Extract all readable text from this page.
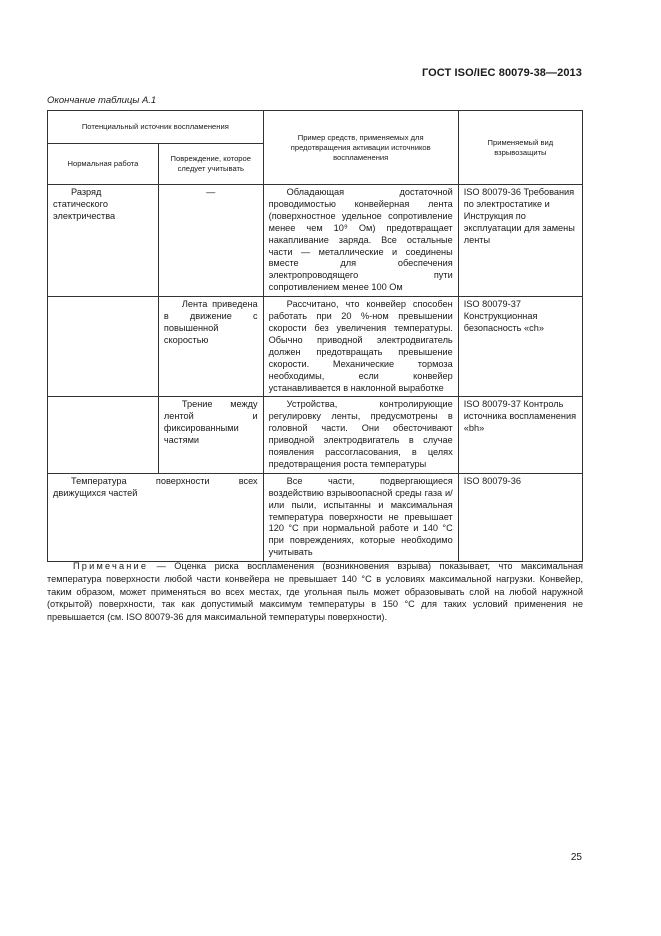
ГОСТ ISO/IEC 80079-38—2013
Окончание таблицы А.1
Потенциальный источник воспламенения		Пример средств, применяемых для предотвращения активации источников воспламенения	Применяемый вид взрывозащиты
Нормальная работа	Повреждение, которое следует учитывать		
Разряд статического электричества	—	Обладающая достаточной проводимостью конвейерная лента (поверхностное удельное сопротивление менее чем 10⁹ Ом) предотвращает накапливание заряда. Все остальные части — металлические и соединены вместе для обеспечения электропроводящего пути сопротивлением менее 100 Ом	ISO 80079-36 Требования по электростатике и Инструкция по эксплуатации для замены ленты
	Лента приведена в движение с повышенной скоростью	Рассчитано, что конвейер способен работать при 20 %-ном превышении скорости без увеличения температуры. Обычно приводной электродвигатель должен предотвращать превышение скорости. Механические тормоза необходимы, если конвейер устанавливается в наклонной выработке	ISO 80079-37 Конструкционная безопасность «ch»
	Трение между лентой и фиксированными частями	Устройства, контролирующие регулировку ленты, предусмотрены в головной части. Они обесточивают приводной электродвигатель в случае появления рассогласования, в целях предотвращения роста температуры	ISO 80079-37 Контроль источника воспламенения «bh»
Температура поверхности всех движущихся частей		Все части, подвергающиеся воздействию взрывоопасной среды газа и/или пыли, испытанны и максимальная температура поверхности не превышает 120 °С при нормальной работе и 140 °С при повреждениях, которые необходимо учитывать	ISO 80079-36
Примечание — Оценка риска воспламенения (возникновения взрыва) показывает, что максимальная температура поверхности любой части конвейера не превышает 140 °С в условиях максимальной нагрузки. Конвейер, таким образом, может применяться во всех местах, где угольная пыль может образовывать слой на любой наружной (открытой) поверхности, так как допустимый максимум температуры в 150 °С для таких условий применения не превышается (см. ISO 80079-36 для максимальной температуры поверхности).
25
